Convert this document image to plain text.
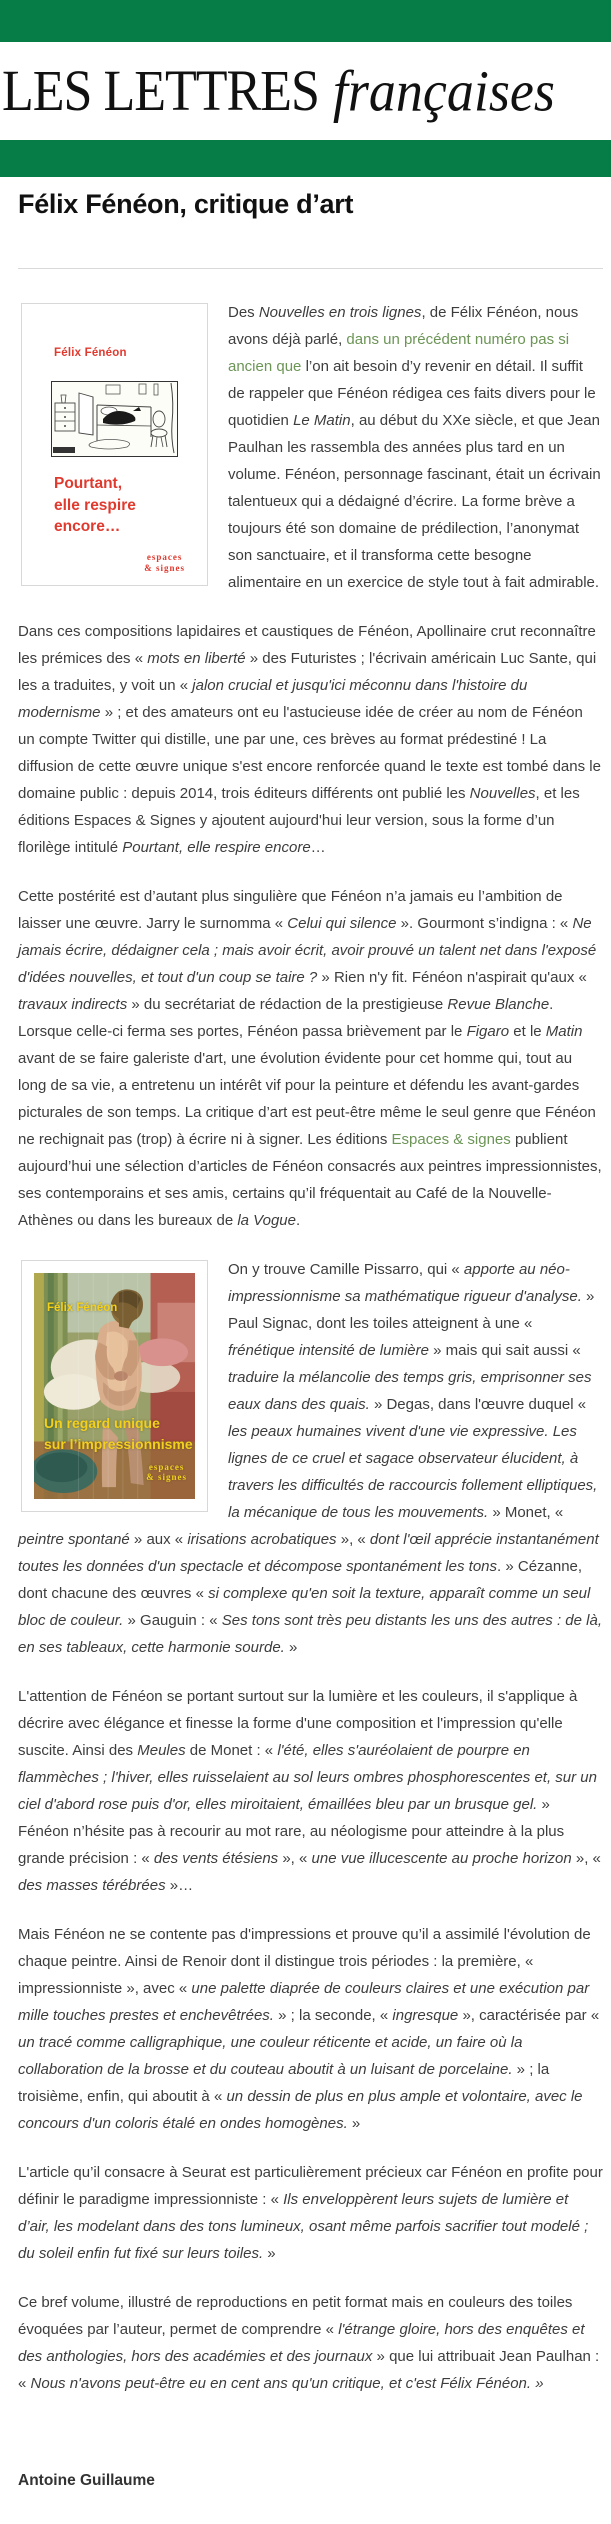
LES LETTRES françaises
Félix Fénéon, critique d’art
Félix Fénéon
Pourtant,
elle respire encore…
espaces
& signes

Des Nouvelles en trois lignes, de Félix Fénéon, nous avons déjà parlé, dans un précédent numéro pas si ancien que l’on ait besoin d’y revenir en détail. Il suffit de rappeler que Fénéon rédigea ces faits divers pour le quotidien Le Matin, au début du XXe siècle, et que Jean Paulhan les rassembla des années plus tard en un volume. Fénéon, personnage fascinant, était un écrivain talentueux qui a dédaigné d’écrire. La forme brève a toujours été son domaine de prédilection, l’anonymat son sanctuaire, et il transforma cette besogne alimentaire en un exercice de style tout à fait admirable.

Dans ces compositions lapidaires et caustiques de Fénéon, Apollinaire crut reconnaître les prémices des « mots en liberté » des Futuristes ; l'écrivain américain Luc Sante, qui les a traduites, y voit un « jalon crucial et jusqu'ici méconnu dans l'histoire du modernisme » ; et des amateurs ont eu l'astucieuse idée de créer au nom de Fénéon un compte Twitter qui distille, une par une, ces brèves au format prédestiné ! La diffusion de cette œuvre unique s'est encore renforcée quand le texte est tombé dans le domaine public : depuis 2014, trois éditeurs différents ont publié les Nouvelles, et les éditions Espaces & Signes y ajoutent aujourd'hui leur version, sous la forme d’un florilège intitulé Pourtant, elle respire encore…

Cette postérité est d’autant plus singulière que Fénéon n’a jamais eu l’ambition de laisser une œuvre. Jarry le surnomma « Celui qui silence ». Gourmont s’indigna : « Ne jamais écrire, dédaigner cela ; mais avoir écrit, avoir prouvé un talent net dans l'exposé d'idées nouvelles, et tout d'un coup se taire ? » Rien n'y fit. Fénéon n'aspirait qu'aux « travaux indirects » du secrétariat de rédaction de la prestigieuse Revue Blanche. Lorsque celle-ci ferma ses portes, Fénéon passa brièvement par le Figaro et le Matin avant de se faire galeriste d'art, une évolution évidente pour cet homme qui, tout au long de sa vie, a entretenu un intérêt vif pour la peinture et défendu les avant-gardes picturales de son temps. La critique d’art est peut-être même le seul genre que Fénéon ne rechignait pas (trop) à écrire ni à signer. Les éditions Espaces & signes publient aujourd’hui une sélection d’articles de Fénéon consacrés aux peintres impressionnistes, ses contemporains et ses amis, certains qu’il fréquentait au Café de la Nouvelle-Athènes ou dans les bureaux de la Vogue.

Félix Fénéon
Un regard unique
sur l’impressionnisme
espaces
& signes

On y trouve Camille Pissarro, qui « apporte au néo-impressionnisme sa mathématique rigueur d'analyse. » Paul Signac, dont les toiles atteignent à une « frénétique intensité de lumière » mais qui sait aussi « traduire la mélancolie des temps gris, emprisonner ses eaux dans des quais. » Degas, dans l'œuvre duquel « les peaux humaines vivent d'une vie expressive. Les lignes de ce cruel et sagace observateur élucident, à travers les difficultés de raccourcis follement elliptiques, la mécanique de tous les mouvements. » Monet, « peintre spontané » aux « irisations acrobatiques », « dont l'œil apprécie instantanément toutes les données d'un spectacle et décompose spontanément les tons. » Cézanne, dont chacune des œuvres « si complexe qu'en soit la texture, apparaît comme un seul bloc de couleur. » Gauguin : « Ses tons sont très peu distants les uns des autres : de là, en ses tableaux, cette harmonie sourde. »

L'attention de Fénéon se portant surtout sur la lumière et les couleurs, il s'applique à décrire avec élégance et finesse la forme d'une composition et l'impression qu'elle suscite. Ainsi des Meules de Monet : « l'été, elles s'auréolaient de pourpre en flammèches ; l'hiver, elles ruisselaient au sol leurs ombres phosphorescentes et, sur un ciel d'abord rose puis d'or, elles miroitaient, émaillées bleu par un brusque gel. » Fénéon n’hésite pas à recourir au mot rare, au néologisme pour atteindre à la plus grande précision : « des vents étésiens », « une vue illucescente au proche horizon », « des masses térébrées »…

Mais Fénéon ne se contente pas d'impressions et prouve qu’il a assimilé l'évolution de chaque peintre. Ainsi de Renoir dont il distingue trois périodes : la première, « impressionniste », avec « une palette diaprée de couleurs claires et une exécution par mille touches prestes et enchevêtrées. » ; la seconde, « ingresque », caractérisée par « un tracé comme calligraphique, une couleur réticente et acide, un faire où la collaboration de la brosse et du couteau aboutit à un luisant de porcelaine. » ; la troisième, enfin, qui aboutit à « un dessin de plus en plus ample et volontaire, avec le concours d'un coloris étalé en ondes homogènes. »

L'article qu’il consacre à Seurat est particulièrement précieux car Fénéon en profite pour définir le paradigme impressionniste : « Ils enveloppèrent leurs sujets de lumière et d’air, les modelant dans des tons lumineux, osant même parfois sacrifier tout modelé ; du soleil enfin fut fixé sur leurs toiles. »

Ce bref volume, illustré de reproductions en petit format mais en couleurs des toiles évoquées par l’auteur, permet de comprendre « l'étrange gloire, hors des enquêtes et des anthologies, hors des académies et des journaux » que lui attribuait Jean Paulhan : « Nous n'avons peut-être eu en cent ans qu'un critique, et c'est Félix Fénéon. »

Antoine Guillaume
